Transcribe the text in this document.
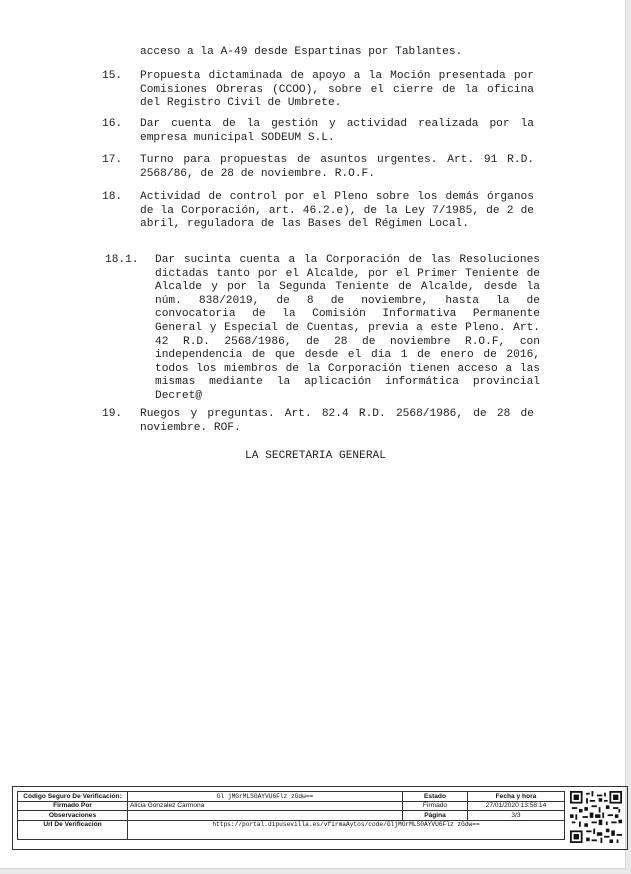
acceso a la A-49 desde Espartinas por Tablantes.
15. Propuesta dictaminada de apoyo a la Moción presentada por Comisiones Obreras (CCOO), sobre el cierre de la oficina del Registro Civil de Umbrete.
16. Dar cuenta de la gestión y actividad realizada por la empresa municipal SODEUM S.L.
17. Turno para propuestas de asuntos urgentes. Art. 91 R.D. 2568/86, de 28 de noviembre. R.O.F.
18. Actividad de control por el Pleno sobre los demás órganos de la Corporación, art. 46.2.e), de la Ley 7/1985, de 2 de abril, reguladora de las Bases del Régimen Local.
18.1. Dar sucinta cuenta a la Corporación de las Resoluciones dictadas tanto por el Alcalde, por el Primer Teniente de Alcalde y por la Segunda Teniente de Alcalde, desde la núm. 838/2019, de 8 de noviembre, hasta la de convocatoria de la Comisión Informativa Permanente General y Especial de Cuentas, previa a este Pleno. Art. 42 R.D. 2568/1986, de 28 de noviembre R.O.F, con independencia de que desde el dia 1 de enero de 2016, todos los miembros de la Corporación tienen acceso a las mismas mediante la aplicación informática provincial Decret@
19. Ruegos y preguntas. Art. 82.4 R.D. 2568/1986, de 28 de noviembre. ROF.
LA SECRETARIA GENERAL
Código Seguro De Verificación:	Gl jMGrMLS0AYVU6Flz zGdw==	Estado	Fecha y hora
Firmado Por	Alicia Gonzalez Carmona	Firmado	27/01/2020 13:58:14
Observaciones		Página	3/3
Url De Verificación	https://portal.dipusevilla.es/vfirmaAytos/code/GljMGrMLS0AYVU6Flz zGdw==		
